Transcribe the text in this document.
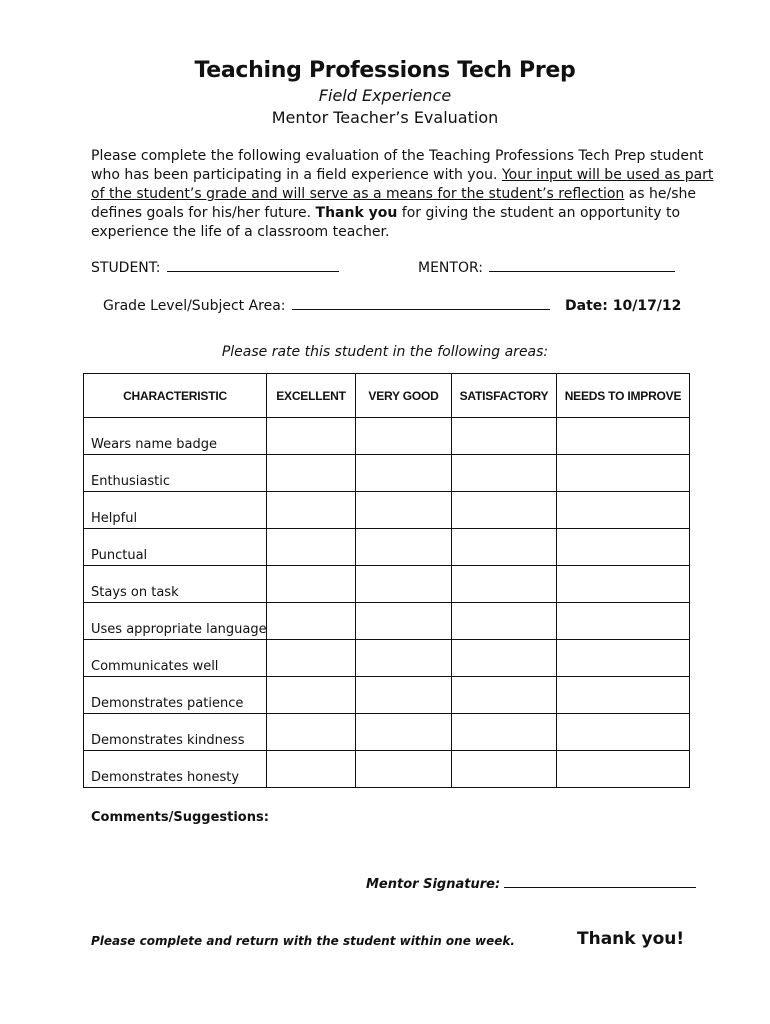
Teaching Professions Tech Prep
Field Experience
Mentor Teacher’s Evaluation
Please complete the following evaluation of the Teaching Professions Tech Prep student
who has been participating in a field experience with you. Your input will be used as part
of the student’s grade and will serve as a means for the student’s reflection as he/she
defines goals for his/her future. Thank you for giving the student an opportunity to
experience the life of a classroom teacher.
STUDENT:	MENTOR:
Grade Level/Subject Area:	Date: 10/17/12
Please rate this student in the following areas:
CHARACTERISTIC	EXCELLENT	VERY GOOD	SATISFACTORY	NEEDS TO IMPROVE
Wears name badge				
Enthusiastic				
Helpful				
Punctual				
Stays on task				
Uses appropriate language				
Communicates well				
Demonstrates patience				
Demonstrates kindness				
Demonstrates honesty				
Comments/Suggestions:
Mentor Signature:
Please complete and return with the student within one week.	Thank you!
